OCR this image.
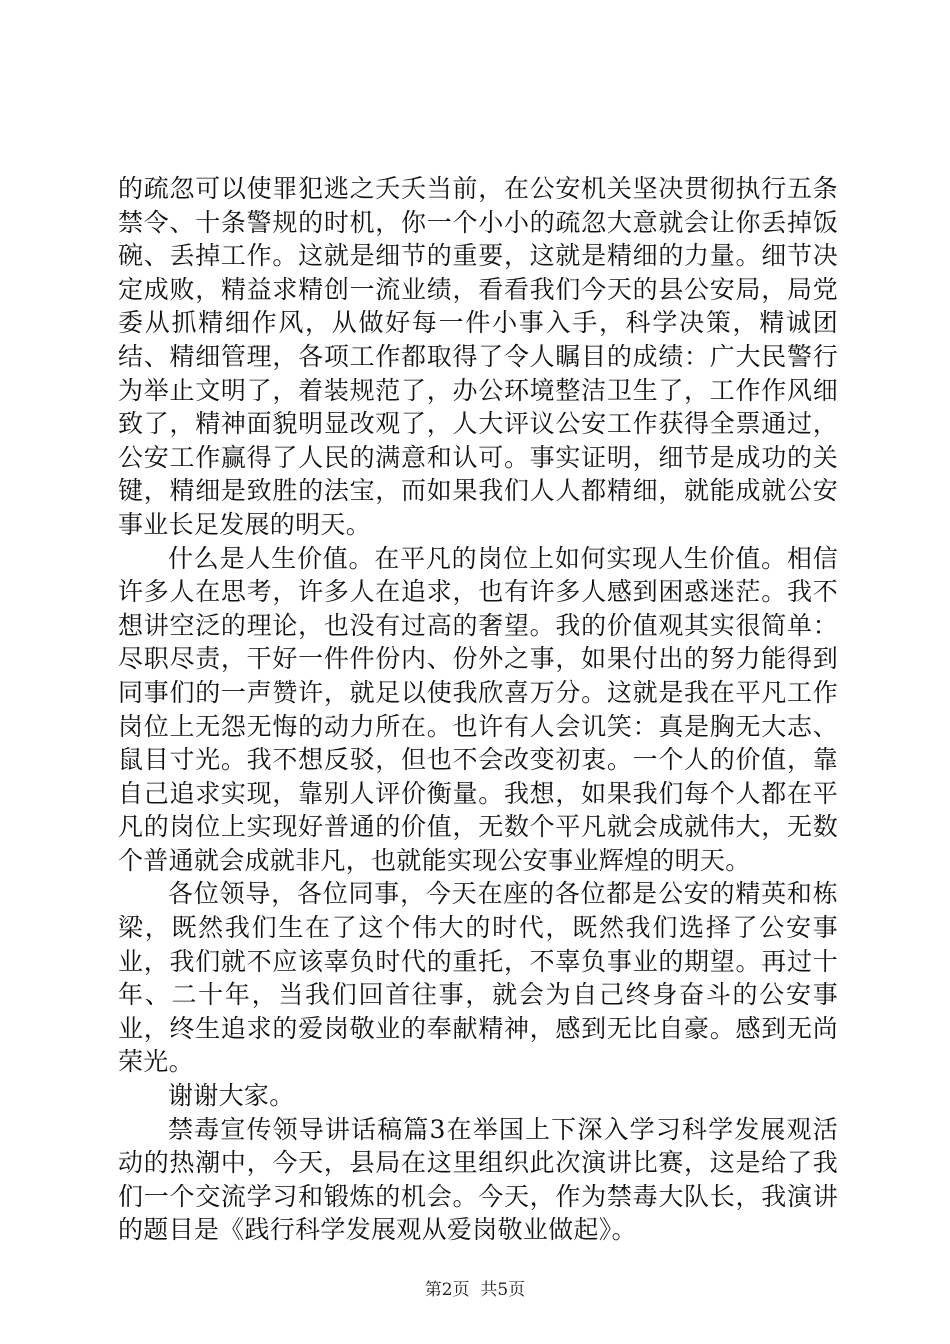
的疏忽可以使罪犯逃之夭夭当前，在公安机关坚决贯彻执行五条禁令、十条警规的时机，你一个小小的疏忽大意就会让你丢掉饭碗、丢掉工作。这就是细节的重要，这就是精细的力量。细节决定成败，精益求精创一流业绩，看看我们今天的县公安局，局党委从抓精细作风，从做好每一件小事入手，科学决策，精诚团结、精细管理，各项工作都取得了令人瞩目的成绩：广大民警行为举止文明了，着装规范了，办公环境整洁卫生了，工作作风细致了，精神面貌明显改观了，人大评议公安工作获得全票通过，公安工作赢得了人民的满意和认可。事实证明，细节是成功的关键，精细是致胜的法宝，而如果我们人人都精细，就能成就公安事业长足发展的明天。

什么是人生价值。在平凡的岗位上如何实现人生价值。相信许多人在思考，许多人在追求，也有许多人感到困惑迷茫。我不想讲空泛的理论，也没有过高的奢望。我的价值观其实很简单：尽职尽责，干好一件件份内、份外之事，如果付出的努力能得到同事们的一声赞许，就足以使我欣喜万分。这就是我在平凡工作岗位上无怨无悔的动力所在。也许有人会讥笑：真是胸无大志、鼠目寸光。我不想反驳，但也不会改变初衷。一个人的价值，靠自己追求实现，靠别人评价衡量。我想，如果我们每个人都在平凡的岗位上实现好普通的价值，无数个平凡就会成就伟大，无数个普通就会成就非凡，也就能实现公安事业辉煌的明天。

各位领导，各位同事，今天在座的各位都是公安的精英和栋梁，既然我们生在了这个伟大的时代，既然我们选择了公安事业，我们就不应该辜负时代的重托，不辜负事业的期望。再过十年、二十年，当我们回首往事，就会为自己终身奋斗的公安事业，终生追求的爱岗敬业的奉献精神，感到无比自豪。感到无尚荣光。

谢谢大家。

禁毒宣传领导讲话稿篇3在举国上下深入学习科学发展观活动的热潮中，今天，县局在这里组织此次演讲比赛，这是给了我们一个交流学习和锻炼的机会。今天，作为禁毒大队长，我演讲的题目是《践行科学发展观从爱岗敬业做起》。

第2页  共5页
